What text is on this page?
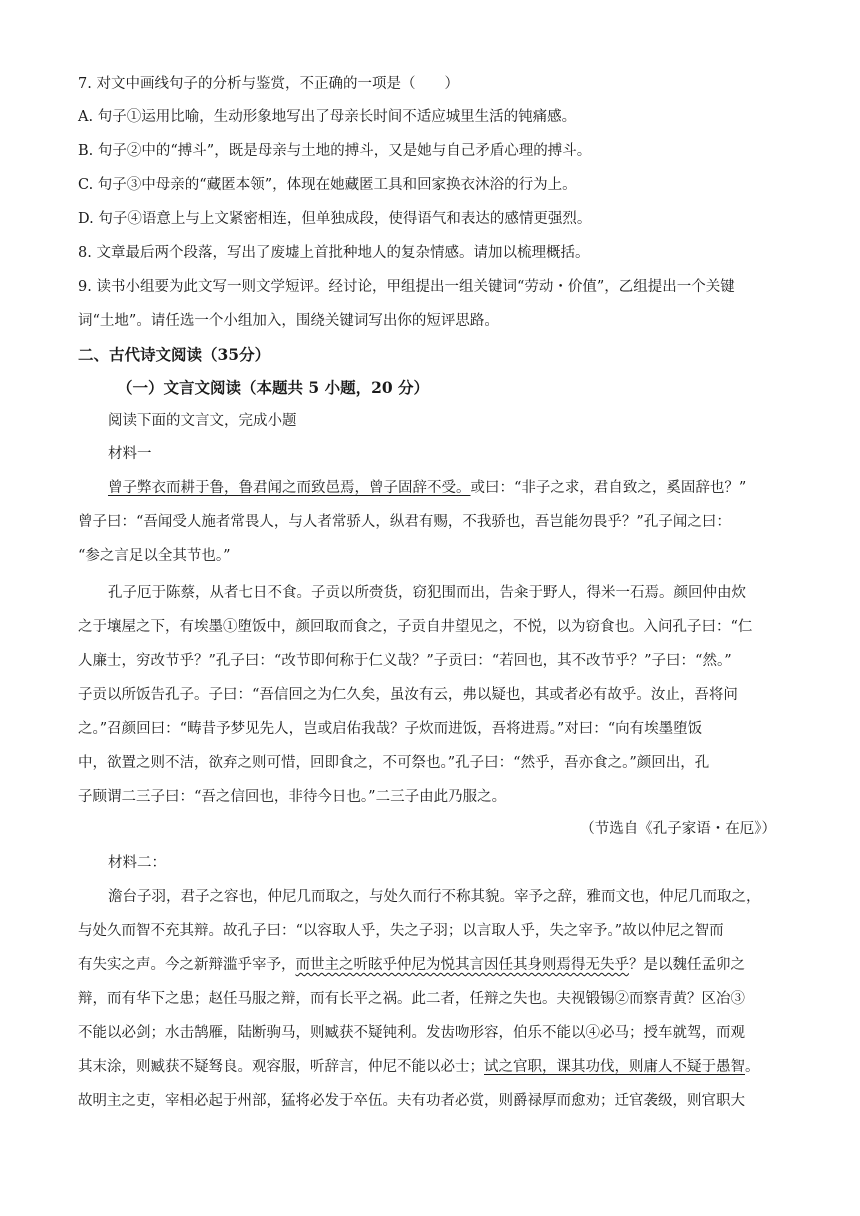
7. 对文中画线句子的分析与鉴赏，不正确的一项是（　　）
A. 句子①运用比喻，生动形象地写出了母亲长时间不适应城里生活的钝痛感。
B. 句子②中的“搏斗”，既是母亲与土地的搏斗，又是她与自己矛盾心理的搏斗。
C. 句子③中母亲的“藏匿本领”，体现在她藏匿工具和回家换衣沐浴的行为上。
D. 句子④语意上与上文紧密相连，但单独成段，使得语气和表达的感情更强烈。
8. 文章最后两个段落，写出了废墟上首批种地人的复杂情感。请加以梳理概括。
9. 读书小组要为此文写一则文学短评。经讨论，甲组提出一组关键词“劳动・价值”，乙组提出一个关键
词“土地”。请任选一个小组加入，围绕关键词写出你的短评思路。
二、古代诗文阅读（35分）
（一）文言文阅读（本题共 5 小题，20 分）
阅读下面的文言文，完成小题
材料一
曾子弊衣而耕于鲁，鲁君闻之而致邑焉，曾子固辞不受。或曰：“非子之求，君自致之，奚固辞也？”
曾子曰：“吾闻受人施者常畏人，与人者常骄人，纵君有赐，不我骄也，吾岂能勿畏乎？”孔子闻之曰：
“参之言足以全其节也。”
孔子厄于陈蔡，从者七日不食。子贡以所赍货，窃犯围而出，告籴于野人，得米一石焉。颜回仲由炊
之于壤屋之下，有埃墨①堕饭中，颜回取而食之，子贡自井望见之，不悦，以为窃食也。入问孔子曰：“仁
人廉士，穷改节乎？”孔子曰：“改节即何称于仁义哉？”子贡曰：“若回也，其不改节乎？”子曰：“然。”
子贡以所饭告孔子。子曰：“吾信回之为仁久矣，虽汝有云，弗以疑也，其或者必有故乎。汝止，吾将问
之。”召颜回曰：“畴昔予梦见先人，岂或启佑我哉？子炊而进饭，吾将进焉。”对曰：“向有埃墨堕饭
中，欲置之则不洁，欲弃之则可惜，回即食之，不可祭也。”孔子曰：“然乎，吾亦食之。”颜回出，孔
子顾谓二三子曰：“吾之信回也，非待今日也。”二三子由此乃服之。
（节选自《孔子家语・在厄》）
材料二：
澹台子羽，君子之容也，仲尼几而取之，与处久而行不称其貌。宰予之辞，雅而文也，仲尼几而取之，
与处久而智不充其辩。故孔子曰：“以容取人乎，失之子羽；以言取人乎，失之宰予。”故以仲尼之智而
有失实之声。今之新辩滥乎宰予，而世主之听眩乎仲尼为悦其言因任其身则焉得无失乎？是以魏任孟卯之
辩，而有华下之患；赵任马服之辩，而有长平之祸。此二者，任辩之失也。夫视锻锡②而察青黄？区冶③
不能以必剑；水击鹄雁，陆断驹马，则臧获不疑钝利。发齿吻形容，伯乐不能以④必马；授车就驾，而观
其末涂，则臧获不疑驽良。观容服，听辞言，仲尼不能以必士；试之官职，课其功伐，则庸人不疑于愚智。
故明主之吏，宰相必起于州部，猛将必发于卒伍。夫有功者必赏，则爵禄厚而愈劝；迁官袭级，则官职大
